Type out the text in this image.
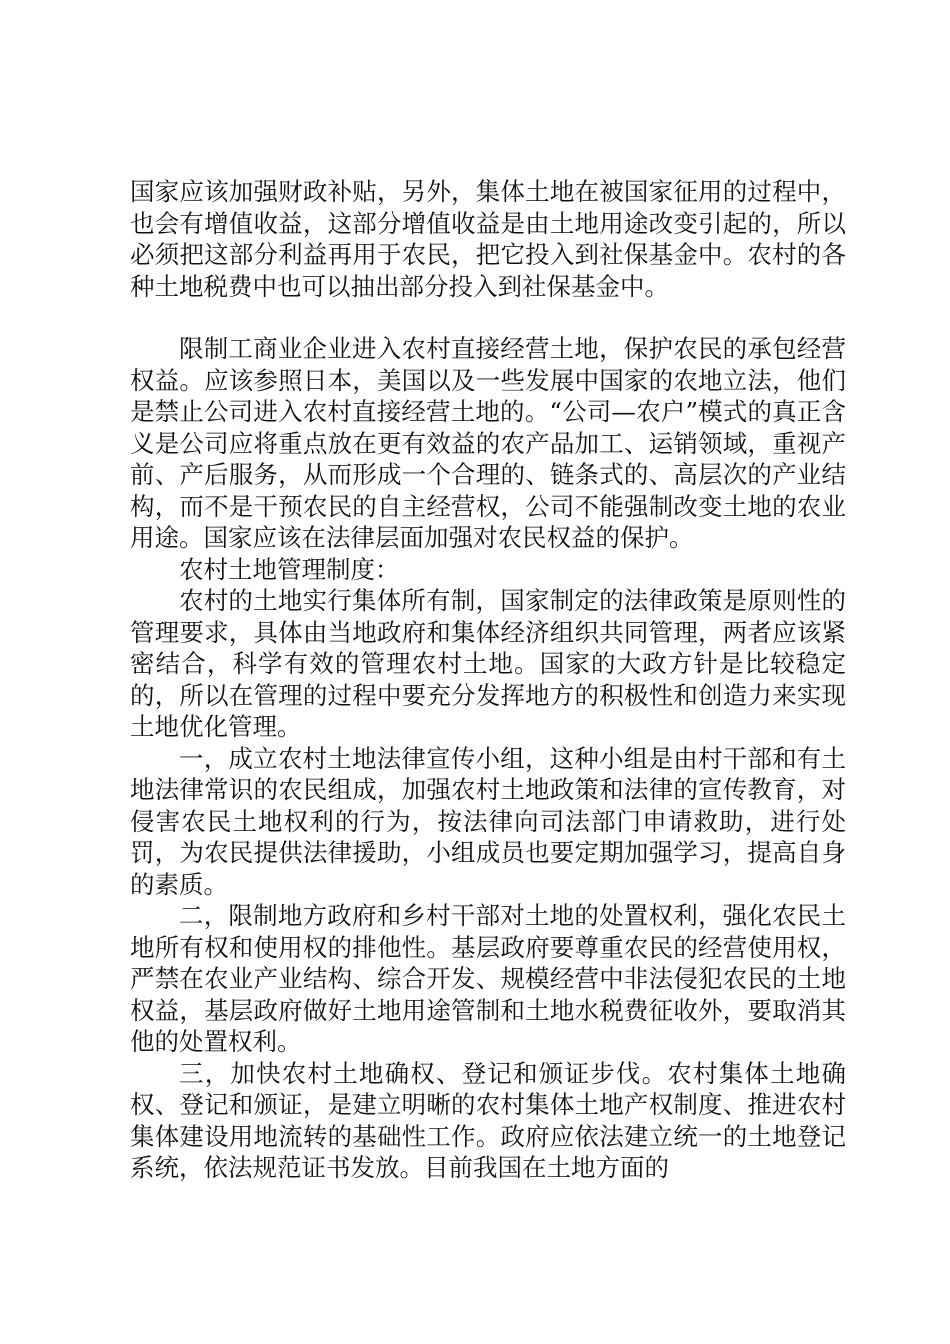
国家应该加强财政补贴，另外，集体土地在被国家征用的过程中，也会有增值收益，这部分增值收益是由土地用途改变引起的，所以必须把这部分利益再用于农民，把它投入到社保基金中。农村的各种土地税费中也可以抽出部分投入到社保基金中。

限制工商业企业进入农村直接经营土地，保护农民的承包经营权益。应该参照日本，美国以及一些发展中国家的农地立法，他们是禁止公司进入农村直接经营土地的。“公司—农户”模式的真正含义是公司应将重点放在更有效益的农产品加工、运销领域，重视产前、产后服务，从而形成一个合理的、链条式的、高层次的产业结构，而不是干预农民的自主经营权，公司不能强制改变土地的农业用途。国家应该在法律层面加强对农民权益的保护。

农村土地管理制度：

农村的土地实行集体所有制，国家制定的法律政策是原则性的管理要求，具体由当地政府和集体经济组织共同管理，两者应该紧密结合，科学有效的管理农村土地。国家的大政方针是比较稳定的，所以在管理的过程中要充分发挥地方的积极性和创造力来实现土地优化管理。

一，成立农村土地法律宣传小组，这种小组是由村干部和有土地法律常识的农民组成，加强农村土地政策和法律的宣传教育，对侵害农民土地权利的行为，按法律向司法部门申请救助，进行处罚，为农民提供法律援助，小组成员也要定期加强学习，提高自身的素质。

二，限制地方政府和乡村干部对土地的处置权利，强化农民土地所有权和使用权的排他性。基层政府要尊重农民的经营使用权，严禁在农业产业结构、综合开发、规模经营中非法侵犯农民的土地权益，基层政府做好土地用途管制和土地水税费征收外，要取消其他的处置权利。

三，加快农村土地确权、登记和颁证步伐。农村集体土地确权、登记和颁证，是建立明晰的农村集体土地产权制度、推进农村集体建设用地流转的基础性工作。政府应依法建立统一的土地登记系统，依法规范证书发放。目前我国在土地方面的
